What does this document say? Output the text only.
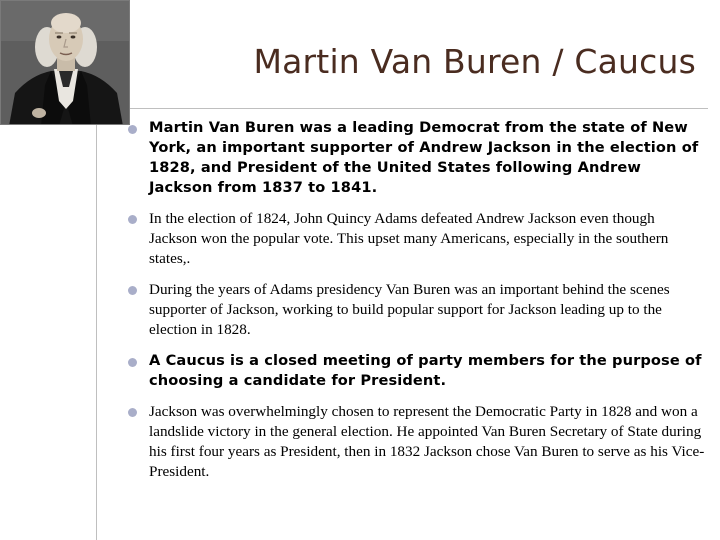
Martin Van Buren / Caucus
Martin Van Buren was a leading Democrat from the state of New York, an important supporter of Andrew Jackson in the election of 1828, and President of the United States following Andrew Jackson from 1837 to 1841.
In the election of 1824, John Quincy Adams defeated Andrew Jackson even though Jackson won the popular vote. This upset many Americans, especially in the southern states,.
During the years of Adams presidency Van Buren was an important behind the scenes supporter of Jackson, working to build popular support for Jackson leading up to the election in 1828.
A Caucus is a closed meeting of party members for the purpose of choosing a candidate for President.
Jackson was overwhelmingly chosen to represent the Democratic Party in 1828 and won a landslide victory in the general election. He appointed Van Buren Secretary of State during his first four years as President, then in 1832 Jackson chose Van Buren to serve as his Vice-President.
